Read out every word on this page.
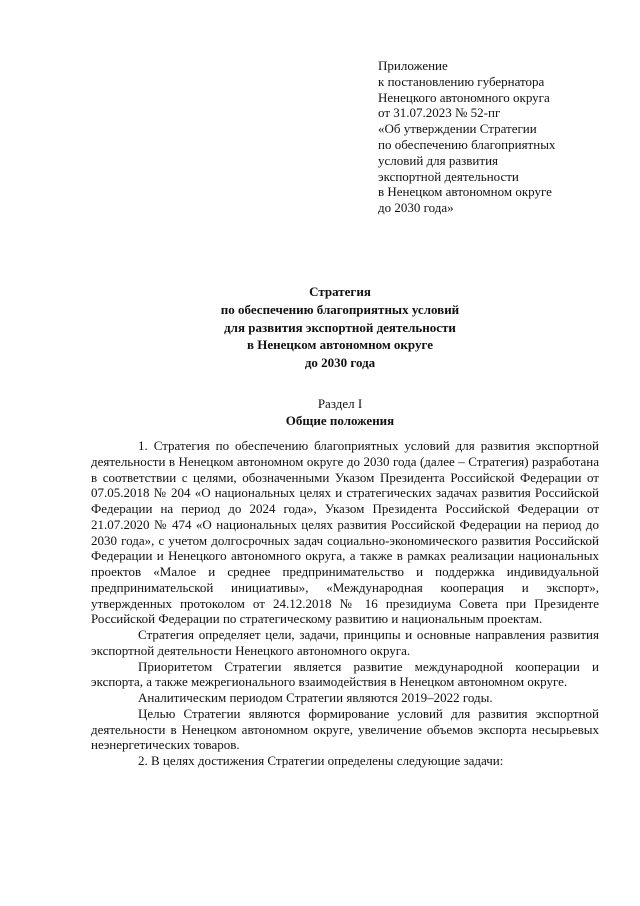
Приложение
к постановлению губернатора
Ненецкого автономного округа
от 31.07.2023 № 52-пг
«Об утверждении Стратегии
по обеспечению благоприятных
условий для развития
экспортной деятельности
в Ненецком автономном округе
до 2030 года»
Стратегия
по обеспечению благоприятных условий
для развития экспортной деятельности
в Ненецком автономном округе
до 2030 года
Раздел I
Общие положения

1. Стратегия по обеспечению благоприятных условий для развития экспортной деятельности в Ненецком автономном округе до 2030 года (далее – Стратегия) разработана в соответствии с целями, обозначенными Указом Президента Российской Федерации от 07.05.2018 № 204 «О национальных целях и стратегических задачах развития Российской Федерации на период до 2024 года», Указом Президента Российской Федерации от 21.07.2020 № 474 «О национальных целях развития Российской Федерации на период до 2030 года», с учетом долгосрочных задач социально-экономического развития Российской Федерации и Ненецкого автономного округа, а также в рамках реализации национальных проектов «Малое и среднее предпринимательство и поддержка индивидуальной предпринимательской инициативы», «Международная кооперация и экспорт», утвержденных протоколом от 24.12.2018 № 16 президиума Совета при Президенте Российской Федерации по стратегическому развитию и национальным проектам.

Стратегия определяет цели, задачи, принципы и основные направления развития экспортной деятельности Ненецкого автономного округа.

Приоритетом Стратегии является развитие международной кооперации и экспорта, а также межрегионального взаимодействия в Ненецком автономном округе.

Аналитическим периодом Стратегии являются 2019–2022 годы.

Целью Стратегии являются формирование условий для развития экспортной деятельности в Ненецком автономном округе, увеличение объемов экспорта несырьевых неэнергетических товаров.

2. В целях достижения Стратегии определены следующие задачи:
